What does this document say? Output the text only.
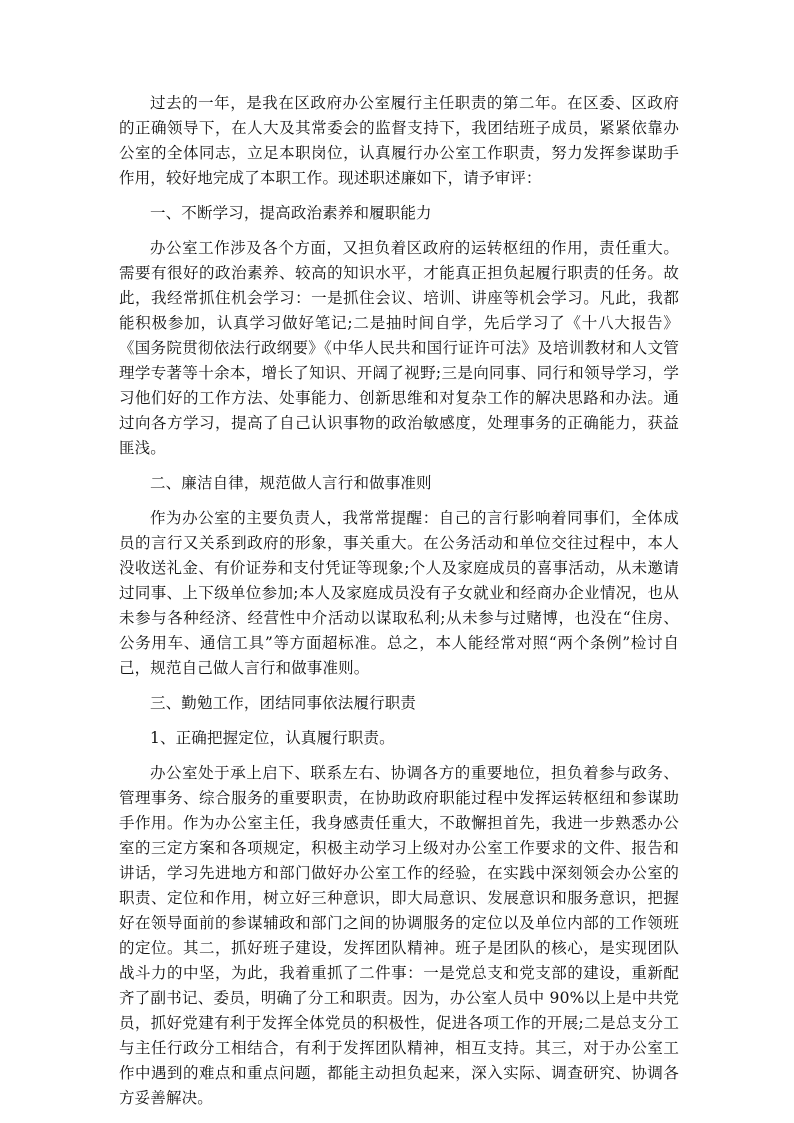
过去的一年，是我在区政府办公室履行主任职责的第二年。在区委、区政府的正确领导下，在人大及其常委会的监督支持下，我团结班子成员，紧紧依靠办公室的全体同志，立足本职岗位，认真履行办公室工作职责，努力发挥参谋助手作用，较好地完成了本职工作。现述职述廉如下，请予审评：

一、不断学习，提高政治素养和履职能力

办公室工作涉及各个方面，又担负着区政府的运转枢纽的作用，责任重大。需要有很好的政治素养、较高的知识水平，才能真正担负起履行职责的任务。故此，我经常抓住机会学习：一是抓住会议、培训、讲座等机会学习。凡此，我都能积极参加，认真学习做好笔记;二是抽时间自学，先后学习了《十八大报告》《国务院贯彻依法行政纲要》《中华人民共和国行证许可法》及培训教材和人文管理学专著等十余本，增长了知识、开阔了视野;三是向同事、同行和领导学习，学习他们好的工作方法、处事能力、创新思维和对复杂工作的解决思路和办法。通过向各方学习，提高了自己认识事物的政治敏感度，处理事务的正确能力，获益匪浅。

二、廉洁自律，规范做人言行和做事准则

作为办公室的主要负责人，我常常提醒：自己的言行影响着同事们，全体成员的言行又关系到政府的形象，事关重大。在公务活动和单位交往过程中，本人没收送礼金、有价证券和支付凭证等现象;个人及家庭成员的喜事活动，从未邀请过同事、上下级单位参加;本人及家庭成员没有子女就业和经商办企业情况，也从未参与各种经济、经营性中介活动以谋取私利;从未参与过赌博，也没在“住房、公务用车、通信工具”等方面超标准。总之，本人能经常对照“两个条例”检讨自己，规范自己做人言行和做事准则。

三、勤勉工作，团结同事依法履行职责

1、正确把握定位，认真履行职责。

办公室处于承上启下、联系左右、协调各方的重要地位，担负着参与政务、管理事务、综合服务的重要职责，在协助政府职能过程中发挥运转枢纽和参谋助手作用。作为办公室主任，我身感责任重大，不敢懈担首先，我进一步熟悉办公室的三定方案和各项规定，积极主动学习上级对办公室工作要求的文件、报告和讲话，学习先进地方和部门做好办公室工作的经验，在实践中深刻领会办公室的职责、定位和作用，树立好三种意识，即大局意识、发展意识和服务意识，把握好在领导面前的参谋辅政和部门之间的协调服务的定位以及单位内部的工作领班的定位。其二，抓好班子建设，发挥团队精神。班子是团队的核心，是实现团队战斗力的中坚，为此，我着重抓了二件事：一是党总支和党支部的建设，重新配齐了副书记、委员，明确了分工和职责。因为，办公室人员中 90%以上是中共党员，抓好党建有利于发挥全体党员的积极性，促进各项工作的开展;二是总支分工与主任行政分工相结合，有利于发挥团队精神，相互支持。其三，对于办公室工作中遇到的难点和重点问题，都能主动担负起来，深入实际、调查研究、协调各方妥善解决。
